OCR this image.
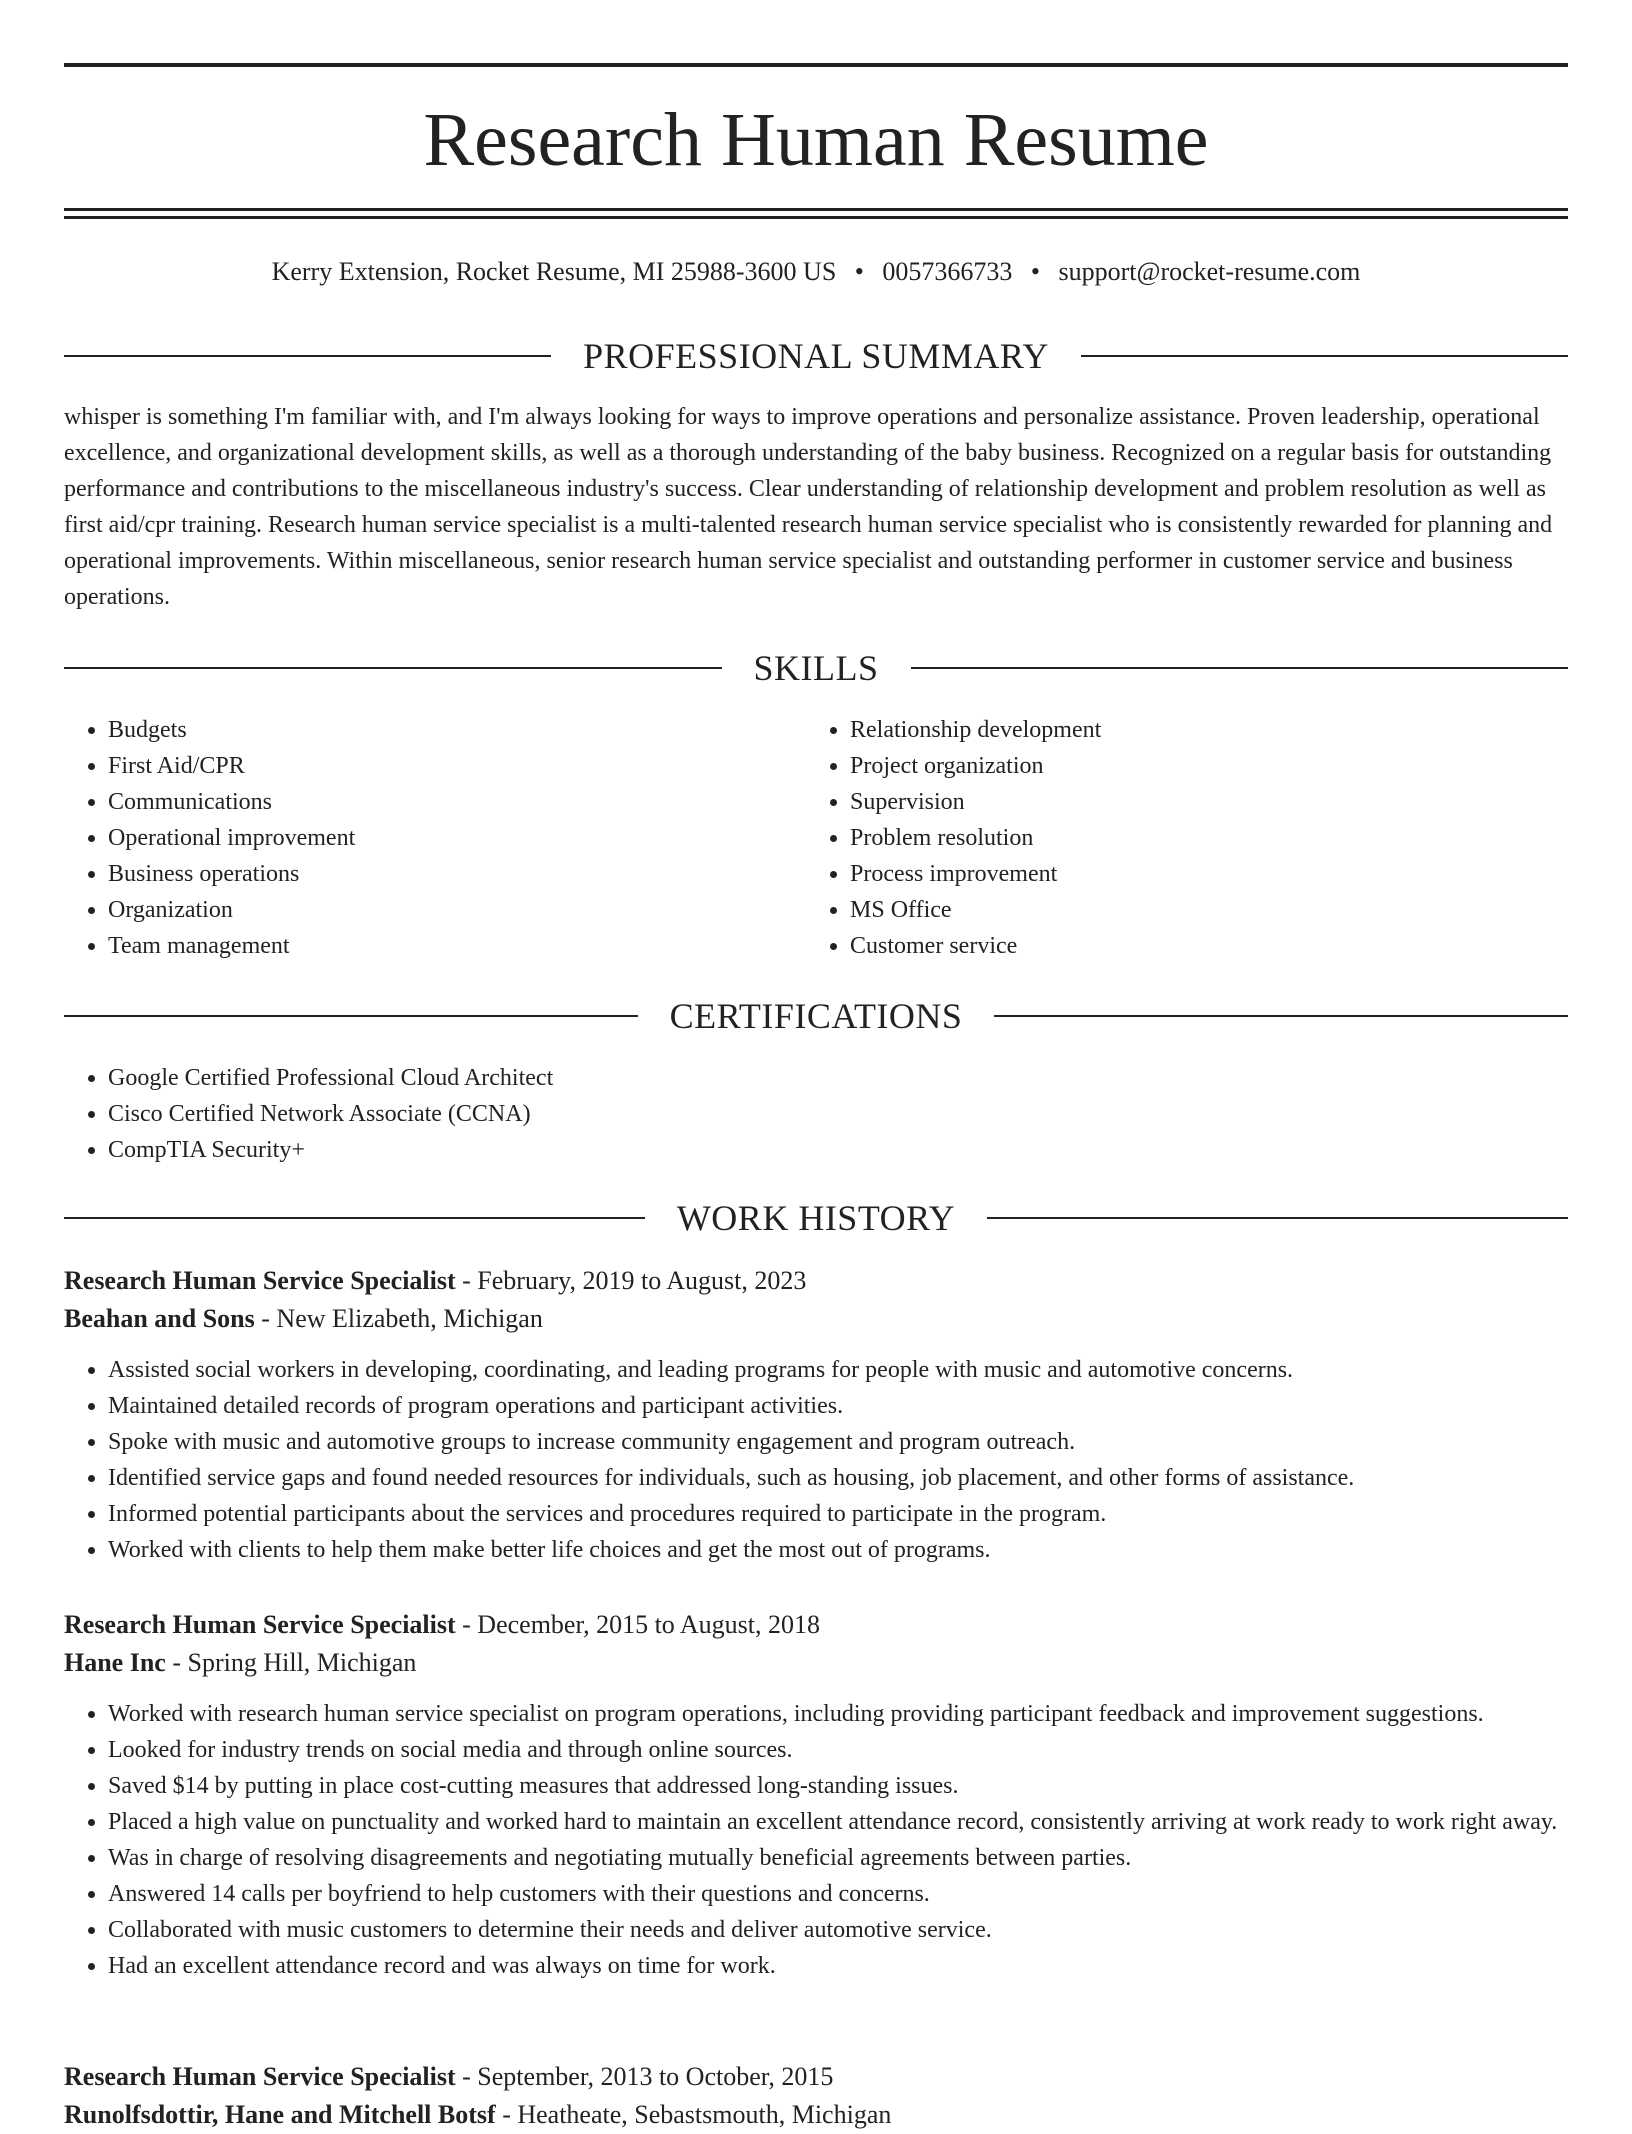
Research Human Resume
Kerry Extension, Rocket Resume, MI 25988-3600 US • 0057366733 • support@rocket-resume.com
PROFESSIONAL SUMMARY

whisper is something I'm familiar with, and I'm always looking for ways to improve operations and personalize assistance. Proven leadership, operational excellence, and organizational development skills, as well as a thorough understanding of the baby business. Recognized on a regular basis for outstanding performance and contributions to the miscellaneous industry's success. Clear understanding of relationship development and problem resolution as well as first aid/cpr training. Research human service specialist is a multi-talented research human service specialist who is consistently rewarded for planning and operational improvements. Within miscellaneous, senior research human service specialist and outstanding performer in customer service and business operations.

SKILLS
• Budgets
• First Aid/CPR
• Communications
• Operational improvement
• Business operations
• Organization
• Team management
• Relationship development
• Project organization
• Supervision
• Problem resolution
• Process improvement
• MS Office
• Customer service
CERTIFICATIONS
• Google Certified Professional Cloud Architect
• Cisco Certified Network Associate (CCNA)
• CompTIA Security+
WORK HISTORY
Research Human Service Specialist - February, 2019 to August, 2023
Beahan and Sons - New Elizabeth, Michigan
• Assisted social workers in developing, coordinating, and leading programs for people with music and automotive concerns.
• Maintained detailed records of program operations and participant activities.
• Spoke with music and automotive groups to increase community engagement and program outreach.
• Identified service gaps and found needed resources for individuals, such as housing, job placement, and other forms of assistance.
• Informed potential participants about the services and procedures required to participate in the program.
• Worked with clients to help them make better life choices and get the most out of programs.
Research Human Service Specialist - December, 2015 to August, 2018
Hane Inc - Spring Hill, Michigan
• Worked with research human service specialist on program operations, including providing participant feedback and improvement suggestions.
• Looked for industry trends on social media and through online sources.
• Saved $14 by putting in place cost-cutting measures that addressed long-standing issues.
• Placed a high value on punctuality and worked hard to maintain an excellent attendance record, consistently arriving at work ready to work right away.
• Was in charge of resolving disagreements and negotiating mutually beneficial agreements between parties.
• Answered 14 calls per boyfriend to help customers with their questions and concerns.
• Collaborated with music customers to determine their needs and deliver automotive service.
• Had an excellent attendance record and was always on time for work.
Research Human Service Specialist - September, 2013 to October, 2015
Runolfsdottir, Hane and Mitchell Botsf - Heatheate, Sebastsmouth, Michigan
